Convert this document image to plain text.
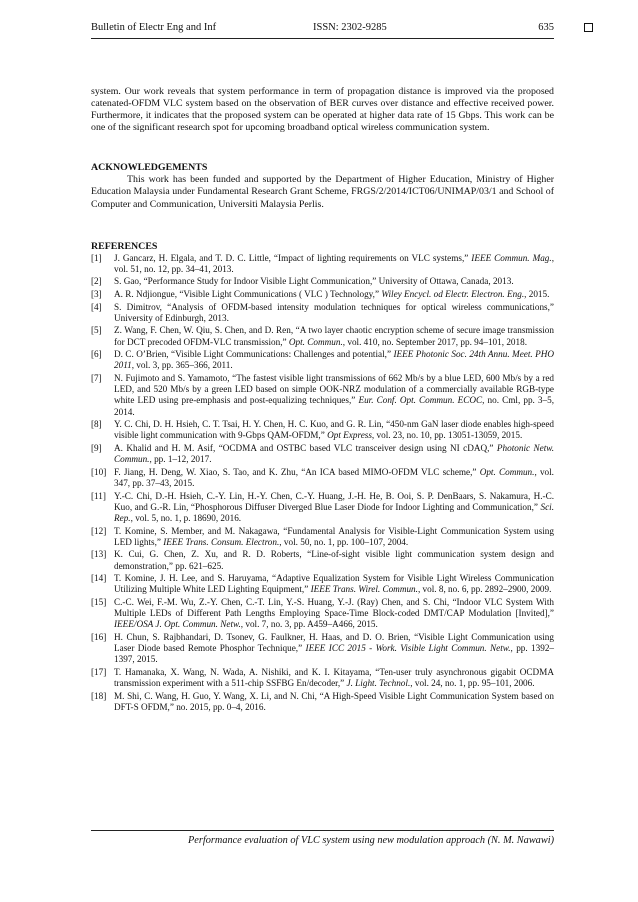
Bulletin of Electr Eng and Inf	ISSN: 2302-9285	635

system. Our work reveals that system performance in term of propagation distance is improved via the proposed catenated-OFDM VLC system based on the observation of BER curves over distance and effective received power. Furthermore, it indicates that the proposed system can be operated at higher data rate of 15 Gbps. This work can be one of the significant research spot for upcoming broadband optical wireless communication system.

ACKNOWLEDGEMENTS

This work has been funded and supported by the Department of Higher Education, Ministry of Higher Education Malaysia under Fundamental Research Grant Scheme, FRGS/2/2014/ICT06/UNIMAP/03/1 and School of Computer and Communication, Universiti Malaysia Perlis.

REFERENCES
[1] J. Gancarz, H. Elgala, and T. D. C. Little, “Impact of lighting requirements on VLC systems,” IEEE Commun. Mag., vol. 51, no. 12, pp. 34–41, 2013.
[2] S. Gao, “Performance Study for Indoor Visible Light Communication,” University of Ottawa, Canada, 2013.
[3] A. R. Ndjiongue, “Visible Light Communications ( VLC ) Technology,” Wiley Encycl. od Electr. Electron. Eng., 2015.
[4] S. Dimitrov, “Analysis of OFDM-based intensity modulation techniques for optical wireless communications,” University of Edinburgh, 2013.
[5] Z. Wang, F. Chen, W. Qiu, S. Chen, and D. Ren, “A two layer chaotic encryption scheme of secure image transmission for DCT precoded OFDM-VLC transmission,” Opt. Commun., vol. 410, no. September 2017, pp. 94–101, 2018.
[6] D. C. O’Brien, “Visible Light Communications: Challenges and potential,” IEEE Photonic Soc. 24th Annu. Meet. PHO 2011, vol. 3, pp. 365–366, 2011.
[7] N. Fujimoto and S. Yamamoto, “The fastest visible light transmissions of 662 Mb/s by a blue LED, 600 Mb/s by a red LED, and 520 Mb/s by a green LED based on simple OOK-NRZ modulation of a commercially available RGB-type white LED using pre-emphasis and post-equalizing techniques,” Eur. Conf. Opt. Commun. ECOC, no. Cml, pp. 3–5, 2014.
[8] Y. C. Chi, D. H. Hsieh, C. T. Tsai, H. Y. Chen, H. C. Kuo, and G. R. Lin, “450-nm GaN laser diode enables high-speed visible light communication with 9-Gbps QAM-OFDM,” Opt Express, vol. 23, no. 10, pp. 13051-13059, 2015.
[9] A. Khalid and H. M. Asif, “OCDMA and OSTBC based VLC transceiver design using NI cDAQ,” Photonic Netw. Commun., pp. 1–12, 2017.
[10] F. Jiang, H. Deng, W. Xiao, S. Tao, and K. Zhu, “An ICA based MIMO-OFDM VLC scheme,” Opt. Commun., vol. 347, pp. 37–43, 2015.
[11] Y.-C. Chi, D.-H. Hsieh, C.-Y. Lin, H.-Y. Chen, C.-Y. Huang, J.-H. He, B. Ooi, S. P. DenBaars, S. Nakamura, H.-C. Kuo, and G.-R. Lin, “Phosphorous Diffuser Diverged Blue Laser Diode for Indoor Lighting and Communication,” Sci. Rep., vol. 5, no. 1, p. 18690, 2016.
[12] T. Komine, S. Member, and M. Nakagawa, “Fundamental Analysis for Visible-Light Communication System using LED lights,” IEEE Trans. Consum. Electron., vol. 50, no. 1, pp. 100–107, 2004.
[13] K. Cui, G. Chen, Z. Xu, and R. D. Roberts, “Line-of-sight visible light communication system design and demonstration,” pp. 621–625.
[14] T. Komine, J. H. Lee, and S. Haruyama, “Adaptive Equalization System for Visible Light Wireless Communication Utilizing Multiple White LED Lighting Equipment,” IEEE Trans. Wirel. Commun., vol. 8, no. 6, pp. 2892–2900, 2009.
[15] C.-C. Wei, F.-M. Wu, Z.-Y. Chen, C.-T. Lin, Y.-S. Huang, Y.-J. (Ray) Chen, and S. Chi, “Indoor VLC System With Multiple LEDs of Different Path Lengths Employing Space-Time Block-coded DMT/CAP Modulation [Invited],” IEEE/OSA J. Opt. Commun. Netw., vol. 7, no. 3, pp. A459–A466, 2015.
[16] H. Chun, S. Rajbhandari, D. Tsonev, G. Faulkner, H. Haas, and D. O. Brien, “Visible Light Communication using Laser Diode based Remote Phosphor Technique,” IEEE ICC 2015 - Work. Visible Light Commun. Netw., pp. 1392–1397, 2015.
[17] T. Hamanaka, X. Wang, N. Wada, A. Nishiki, and K. I. Kitayama, “Ten-user truly asynchronous gigabit OCDMA transmission experiment with a 511-chip SSFBG En/decoder,” J. Light. Technol., vol. 24, no. 1, pp. 95–101, 2006.
[18] M. Shi, C. Wang, H. Guo, Y. Wang, X. Li, and N. Chi, “A High-Speed Visible Light Communication System based on DFT-S OFDM,” no. 2015, pp. 0–4, 2016.
Performance evaluation of VLC system using new modulation approach (N. M. Nawawi)
